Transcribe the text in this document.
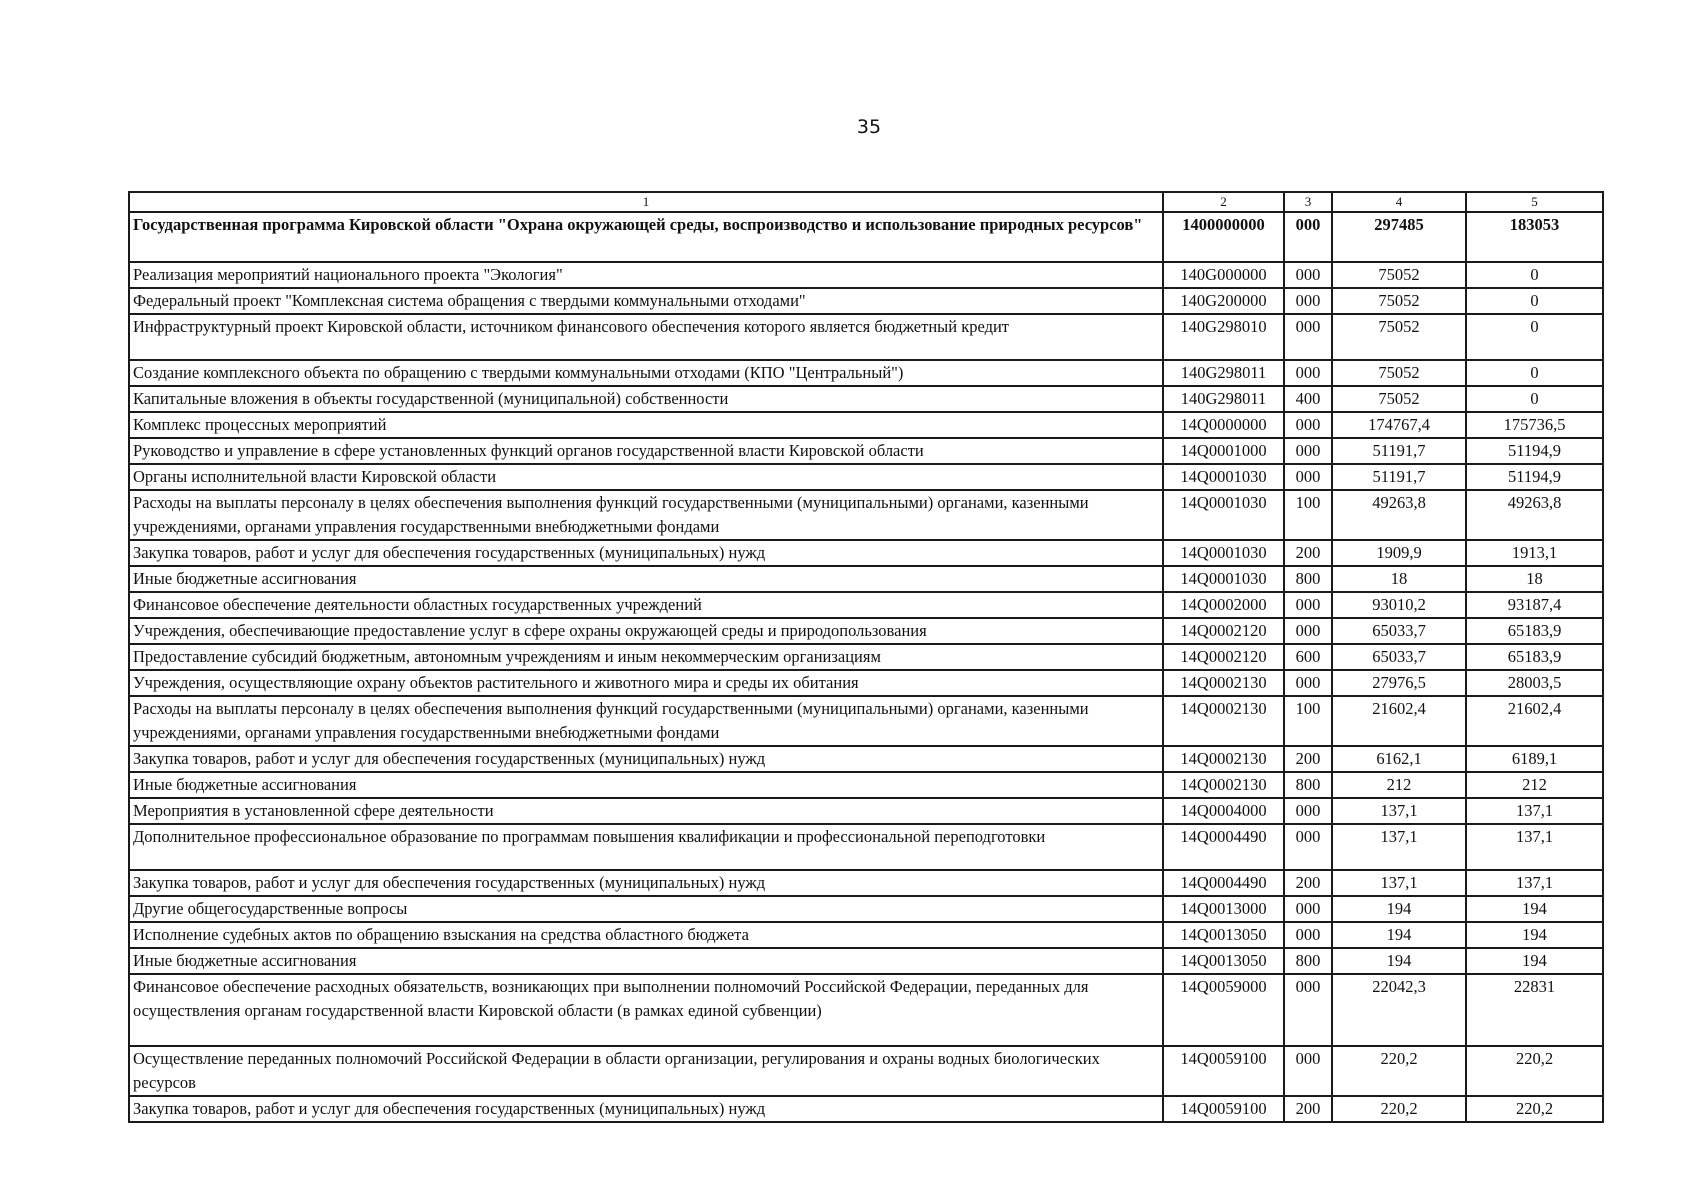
35
1	2	3	4	5
Государственная программа Кировской области "Охрана окружающей среды, воспроизводство и использование природных ресурсов"	1400000000	000	297485	183053
Реализация мероприятий национального проекта "Экология"	140G000000	000	75052	0
Федеральный проект "Комплексная система обращения с твердыми коммунальными отходами"	140G200000	000	75052	0
Инфраструктурный проект Кировской области, источником финансового обеспечения которого является бюджетный кредит	140G298010	000	75052	0
Создание комплексного объекта по обращению с твердыми коммунальными отходами (КПО "Центральный")	140G298011	000	75052	0
Капитальные вложения в объекты государственной (муниципальной) собственности	140G298011	400	75052	0
Комплекс процессных мероприятий	14Q0000000	000	174767,4	175736,5
Руководство и управление в сфере установленных функций органов государственной власти Кировской области	14Q0001000	000	51191,7	51194,9
Органы исполнительной власти Кировской области	14Q0001030	000	51191,7	51194,9
Расходы на выплаты персоналу в целях обеспечения выполнения функций государственными (муниципальными) органами, казенными учреждениями, органами управления государственными внебюджетными фондами	14Q0001030	100	49263,8	49263,8
Закупка товаров, работ и услуг для обеспечения государственных (муниципальных) нужд	14Q0001030	200	1909,9	1913,1
Иные бюджетные ассигнования	14Q0001030	800	18	18
Финансовое обеспечение деятельности областных государственных учреждений	14Q0002000	000	93010,2	93187,4
Учреждения, обеспечивающие предоставление услуг в сфере охраны окружающей среды и природопользования	14Q0002120	000	65033,7	65183,9
Предоставление субсидий бюджетным, автономным учреждениям и иным некоммерческим организациям	14Q0002120	600	65033,7	65183,9
Учреждения, осуществляющие охрану объектов растительного и животного мира и среды их обитания	14Q0002130	000	27976,5	28003,5
Расходы на выплаты персоналу в целях обеспечения выполнения функций государственными (муниципальными) органами, казенными учреждениями, органами управления государственными внебюджетными фондами	14Q0002130	100	21602,4	21602,4
Закупка товаров, работ и услуг для обеспечения государственных (муниципальных) нужд	14Q0002130	200	6162,1	6189,1
Иные бюджетные ассигнования	14Q0002130	800	212	212
Мероприятия в установленной сфере деятельности	14Q0004000	000	137,1	137,1
Дополнительное профессиональное образование по программам повышения квалификации и профессиональной переподготовки	14Q0004490	000	137,1	137,1
Закупка товаров, работ и услуг для обеспечения государственных (муниципальных) нужд	14Q0004490	200	137,1	137,1
Другие общегосударственные вопросы	14Q0013000	000	194	194
Исполнение судебных актов по обращению взыскания на средства областного бюджета	14Q0013050	000	194	194
Иные бюджетные ассигнования	14Q0013050	800	194	194
Финансовое обеспечение расходных обязательств, возникающих при выполнении полномочий Российской Федерации, переданных для осуществления органам государственной власти Кировской области (в рамках единой субвенции)	14Q0059000	000	22042,3	22831
Осуществление переданных полномочий Российской Федерации в области организации, регулирования и охраны водных биологических ресурсов	14Q0059100	000	220,2	220,2
Закупка товаров, работ и услуг для обеспечения государственных (муниципальных) нужд	14Q0059100	200	220,2	220,2
